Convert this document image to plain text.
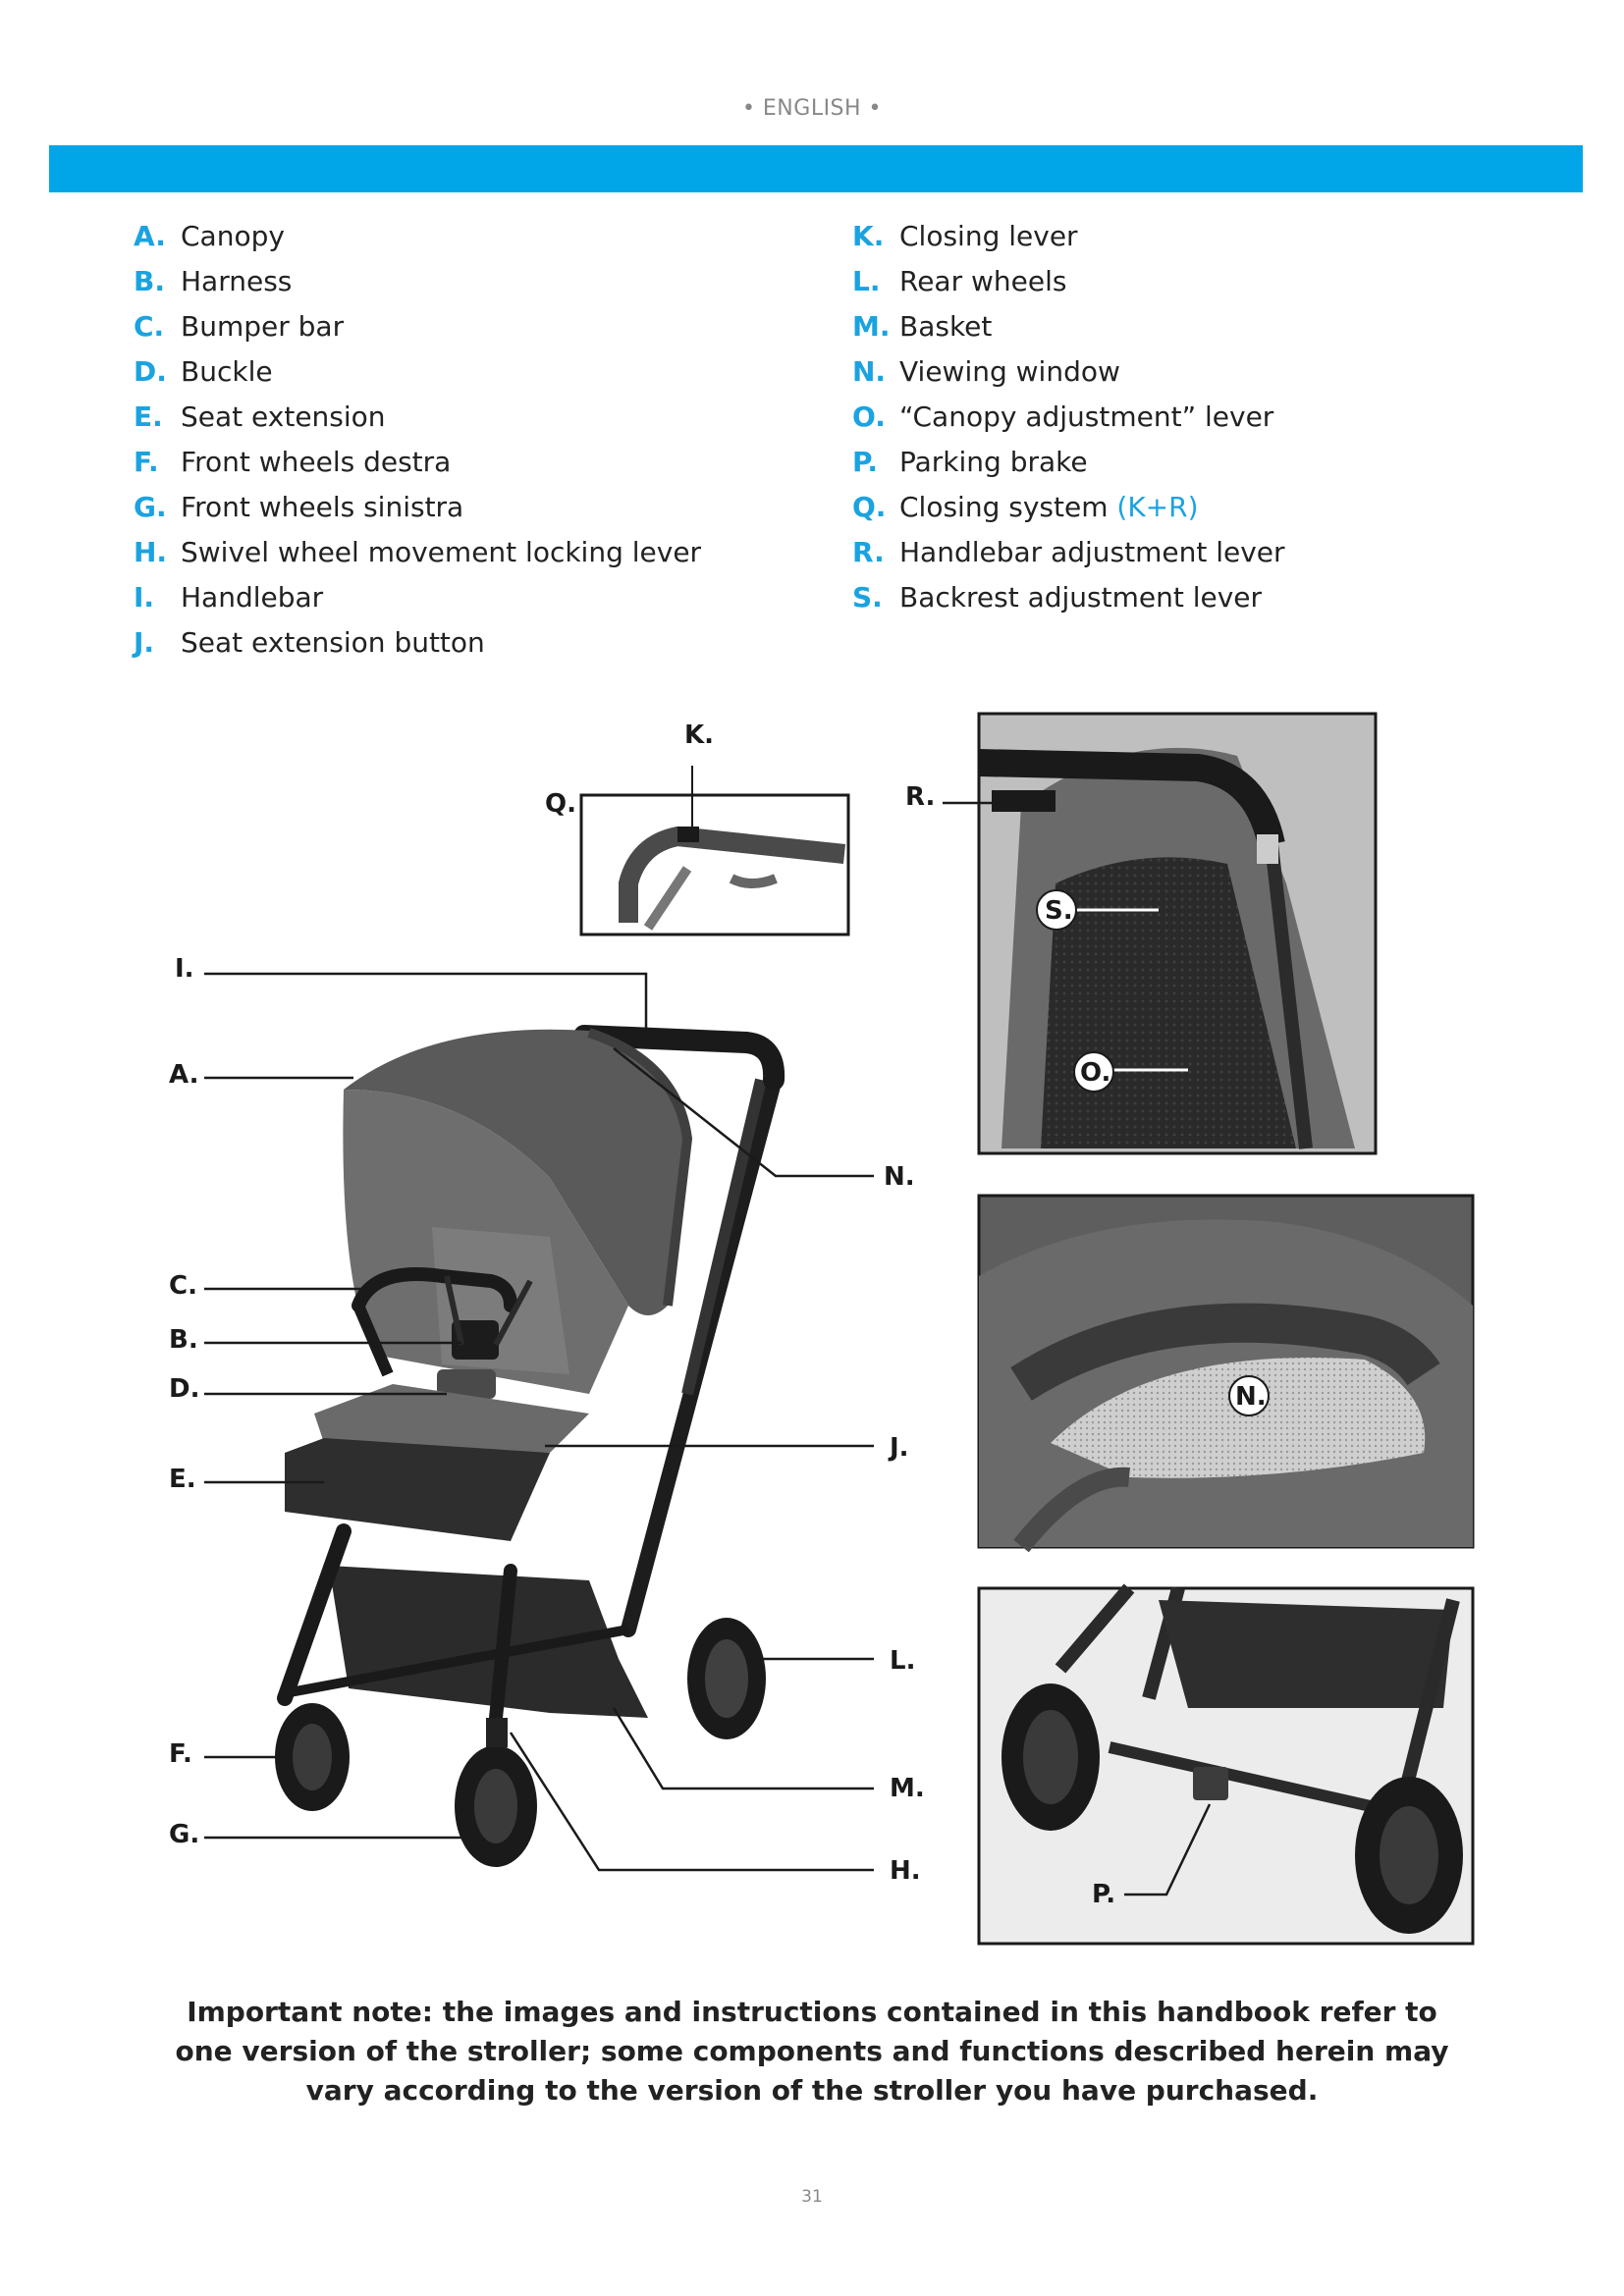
• ENGLISH •
A. Canopy
B. Harness
C. Bumper bar
D. Buckle
E. Seat extension
F. Front wheels destra
G. Front wheels sinistra
H. Swivel wheel movement locking lever
I. Handlebar
J. Seat extension button
K. Closing lever
L. Rear wheels
M. Basket
N. Viewing window
O. “Canopy adjustment” lever
P. Parking brake
Q. Closing system (K+R)
R. Handlebar adjustment lever
S. Backrest adjustment lever
K.
Q.	R.
S.
O.
I.
A.
N.
C.
B.
D.
E.
J.
L.
F.
G.
M.
H.
N.
P.
Important note: the images and instructions contained in this handbook refer to one version of the stroller; some components and functions described herein may vary according to the version of the stroller you have purchased.
31
